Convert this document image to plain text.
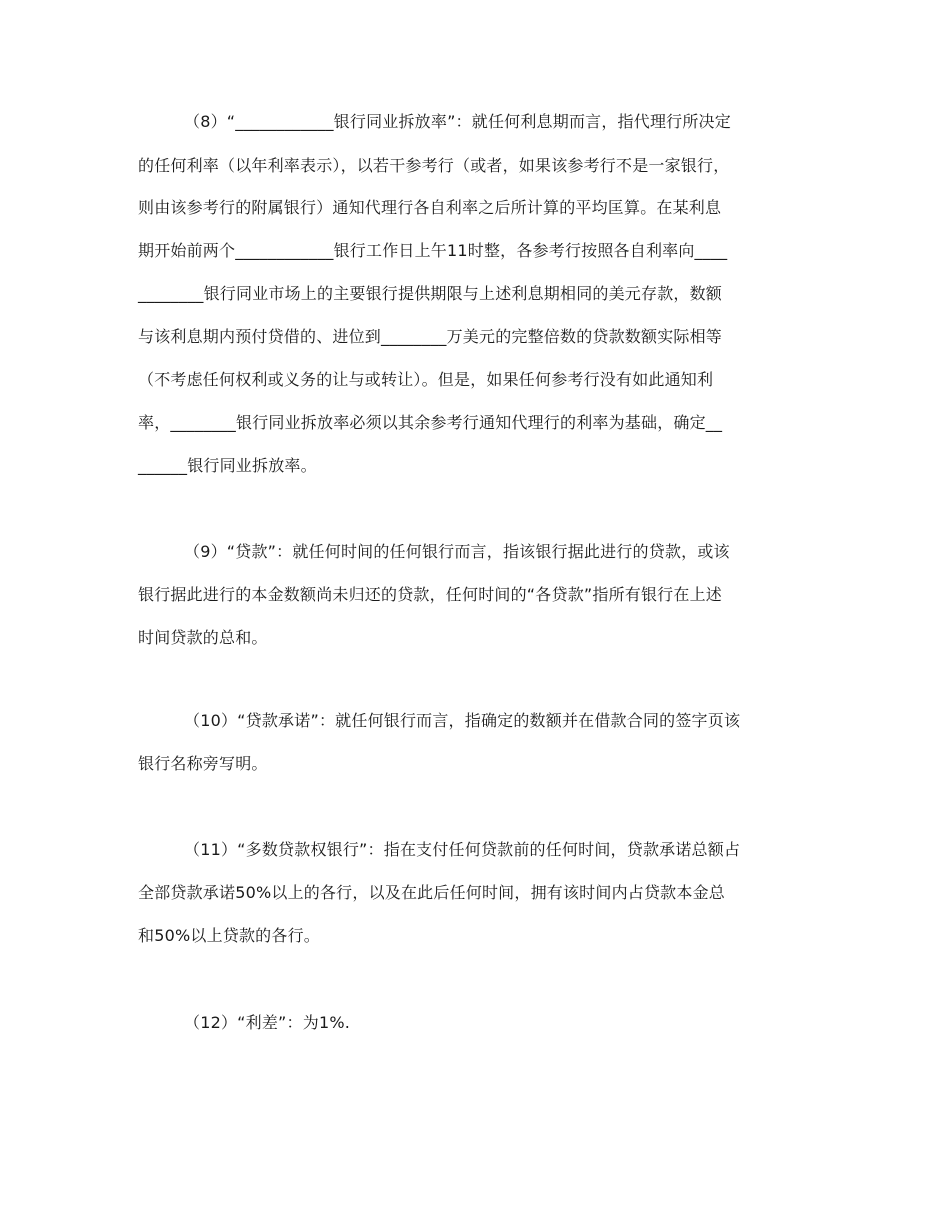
（8）“____________银行同业拆放率”：就任何利息期而言，指代理行所决定
的任何利率（以年利率表示），以若干参考行（或者，如果该参考行不是一家银行，
则由该参考行的附属银行）通知代理行各自利率之后所计算的平均匡算。在某利息
期开始前两个____________银行工作日上午11时整，各参考行按照各自利率向____
________银行同业市场上的主要银行提供期限与上述利息期相同的美元存款，数额
与该利息期内预付贷借的、进位到________万美元的完整倍数的贷款数额实际相等
（不考虑任何权利或义务的让与或转让）。但是，如果任何参考行没有如此通知利
率，________银行同业拆放率必须以其余参考行通知代理行的利率为基础，确定__
______银行同业拆放率。
（9）“贷款”：就任何时间的任何银行而言，指该银行据此进行的贷款，或该
银行据此进行的本金数额尚未归还的贷款，任何时间的“各贷款”指所有银行在上述
时间贷款的总和。
（10）“贷款承诺”：就任何银行而言，指确定的数额并在借款合同的签字页该
银行名称旁写明。
（11）“多数贷款权银行”：指在支付任何贷款前的任何时间，贷款承诺总额占
全部贷款承诺50%以上的各行，以及在此后任何时间，拥有该时间内占贷款本金总
和50%以上贷款的各行。
（12）“利差”：为1%.
